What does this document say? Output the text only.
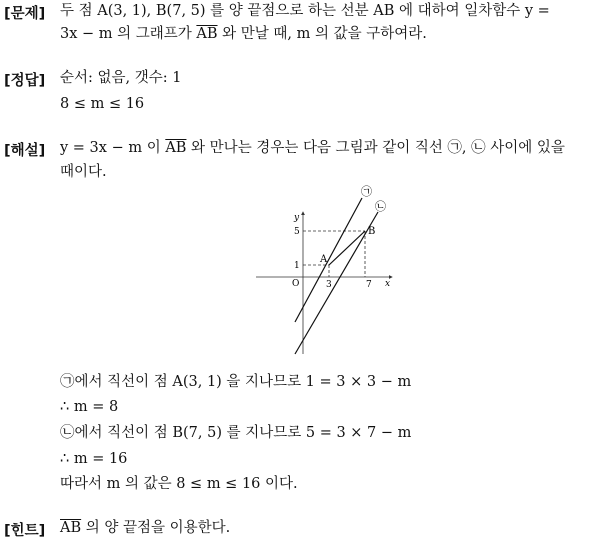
[문제] 두 점 A(3, 1), B(7, 5) 를 양 끝점으로 하는 선분 AB 에 대하여 일차함수 y =
3x − m 의 그래프가 $\overline{AB}$ 와 만날 때, m 의 값을 구하여라.
[정답] 순서: 없음, 갯수: 1
8 ≤ m ≤ 16
[해설] y = 3x − m 이 $\overline{AB}$ 와 만나는 경우는 다음 그림과 같이 직선 ㉠, ㉡ 사이에 있을
때이다.
y
x
O	3	7
5
1
A
B
㉠
㉡
㉠에서 직선이 점 A(3, 1) 을 지나므로 1 = 3 × 3 − m
∴ m = 8
㉡에서 직선이 점 B(7, 5) 를 지나므로 5 = 3 × 7 − m
∴ m = 16
따라서 m 의 값은 8 ≤ m ≤ 16 이다.
[힌트] $\overline{AB}$ 의 양 끝점을 이용한다.
